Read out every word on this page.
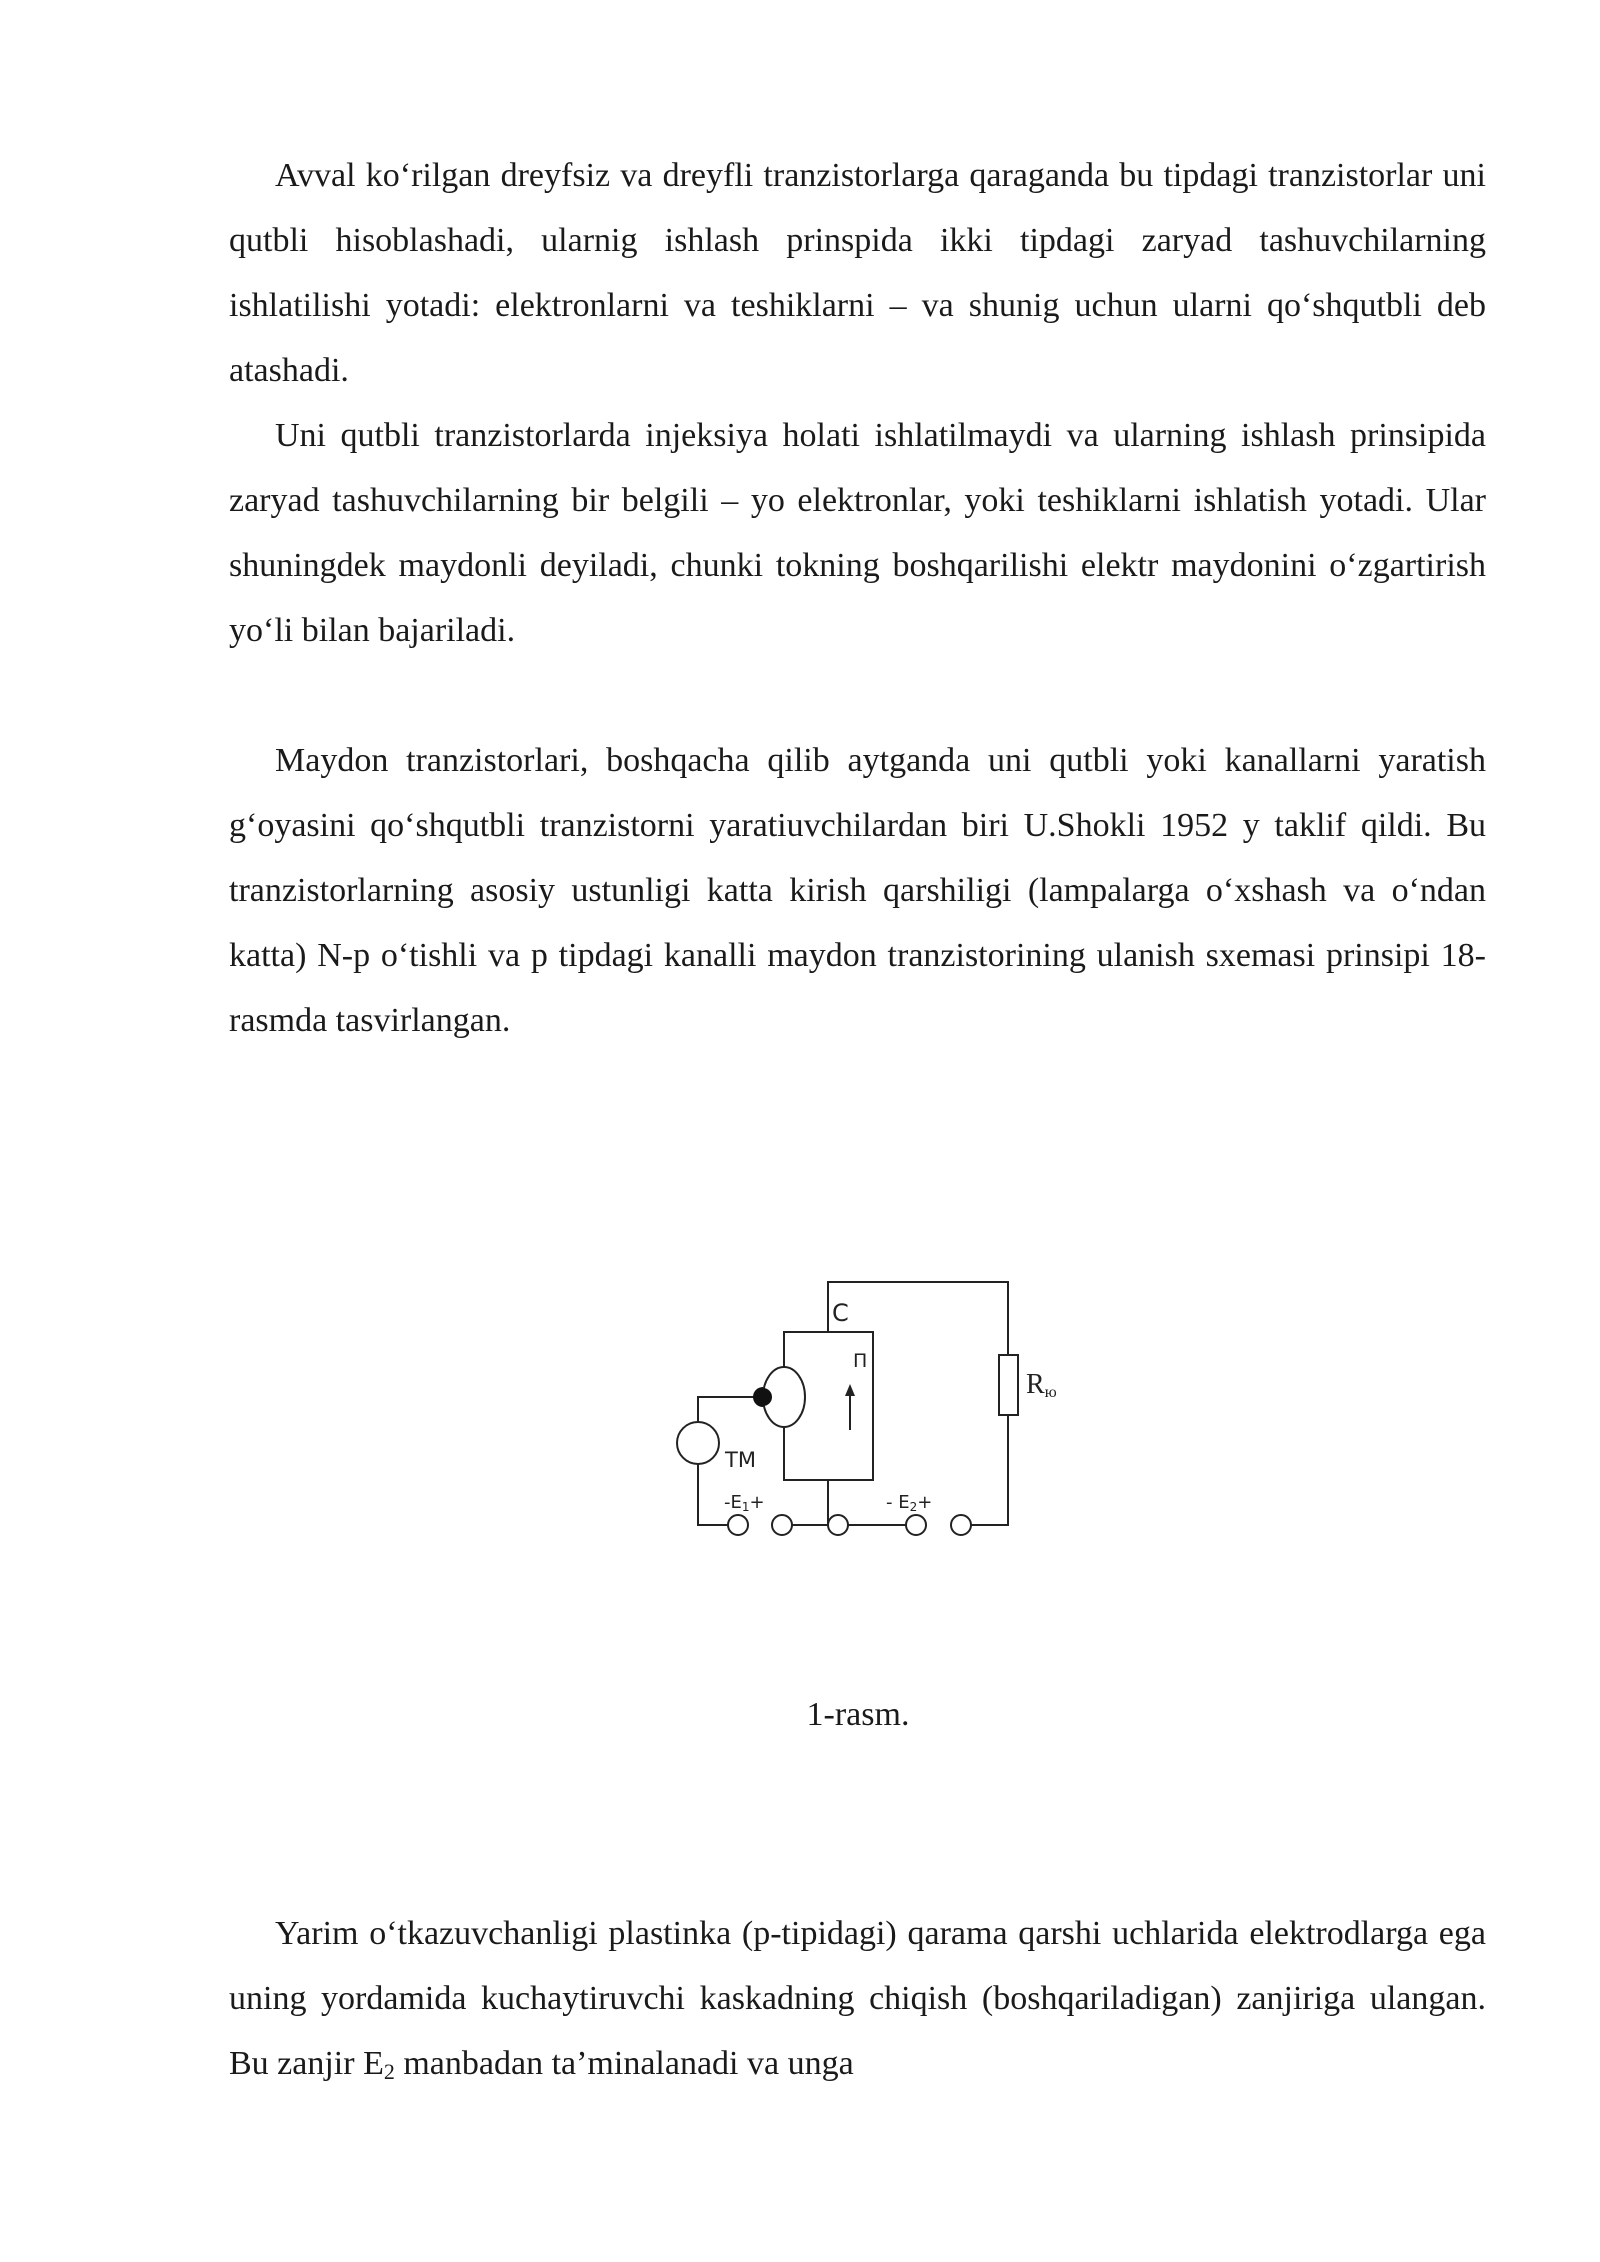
Avval ko‘rilgan dreyfsiz va dreyfli tranzistorlarga qaraganda bu tipdagi tranzistorlar uni qutbli hisoblashadi, ularnig ishlash prinspida ikki tipdagi zaryad tashuvchilarning ishlatilishi yotadi: elektronlarni va teshiklarni – va shunig uchun ularni qo‘shqutbli deb atashadi.

Uni qutbli tranzistorlarda injeksiya holati ishlatilmaydi va ularning ishlash prinsipida zaryad tashuvchilarning bir belgili – yo elektronlar, yoki teshiklarni ishlatish yotadi. Ular shuningdek maydonli deyiladi, chunki tokning boshqarilishi elektr maydonini o‘zgartirish yo‘li bilan bajariladi.

Maydon tranzistorlari, boshqacha qilib aytganda uni qutbli yoki kanallarni yaratish g‘oyasini qo‘shqutbli tranzistorni yaratiuvchilardan biri U.Shokli 1952 y taklif qildi. Bu tranzistorlarning asosiy ustunligi katta kirish qarshiligi (lampalarga o‘xshash va o‘ndan katta) N-p o‘tishli va p tipdagi kanalli maydon tranzistorining ulanish sxemasi prinsipi 18-rasmda tasvirlangan.

С
П
Rю
ТМ
-E1+	- E2+
1-rasm.

Yarim o‘tkazuvchanligi plastinka (p-tipidagi) qarama qarshi uchlarida elektrodlarga ega uning yordamida kuchaytiruvchi kaskadning chiqish (boshqariladigan) zanjiriga ulangan. Bu zanjir $E_2$ manbadan ta’minalanadi va unga
